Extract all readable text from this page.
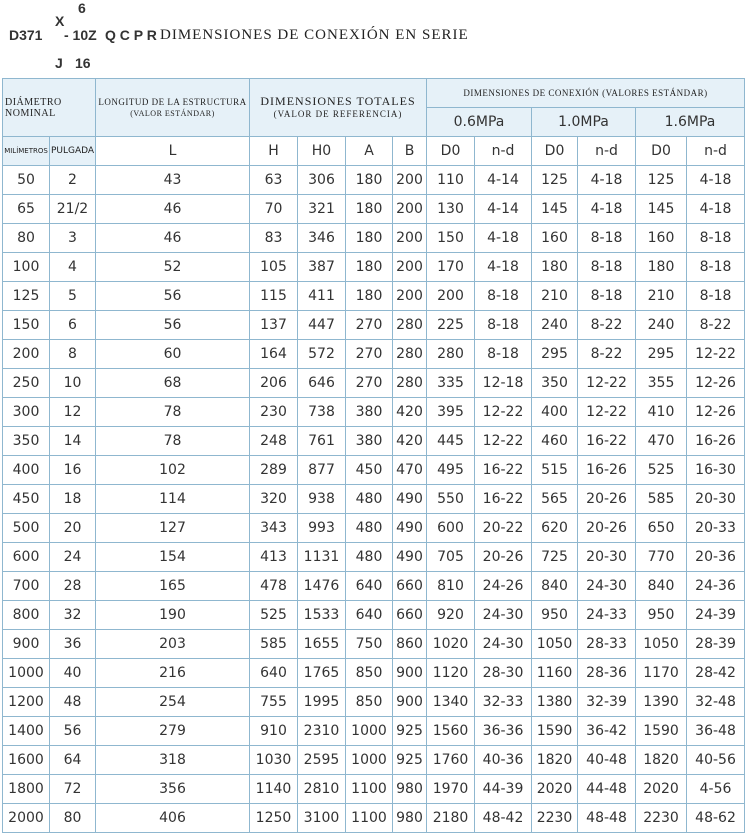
D371
X
J
6
- 10Z
16
Q C P R DIMENSIONES DE CONEXIÓN EN SERIE
DIÁMETRO NOMINAL		LONGITUD DE LA ESTRUCTURA
(VALOR ESTÁNDAR)	DIMENSIONES TOTALES
(VALOR DE REFERENCIA)				DIMENSIONES DE CONEXIÓN (VALORES ESTÁNDAR)					
							0.6MPa		1.0MPa		1.6MPa	
MILÍMETROS	PULGADA	L	H	H0	A	B	D0	n-d	D0	n-d	D0	n-d
50	2	43	63	306	180	200	110	4-14	125	4-18	125	4-18
65	21/2	46	70	321	180	200	130	4-14	145	4-18	145	4-18
80	3	46	83	346	180	200	150	4-18	160	8-18	160	8-18
100	4	52	105	387	180	200	170	4-18	180	8-18	180	8-18
125	5	56	115	411	180	200	200	8-18	210	8-18	210	8-18
150	6	56	137	447	270	280	225	8-18	240	8-22	240	8-22
200	8	60	164	572	270	280	280	8-18	295	8-22	295	12-22
250	10	68	206	646	270	280	335	12-18	350	12-22	355	12-26
300	12	78	230	738	380	420	395	12-22	400	12-22	410	12-26
350	14	78	248	761	380	420	445	12-22	460	16-22	470	16-26
400	16	102	289	877	450	470	495	16-22	515	16-26	525	16-30
450	18	114	320	938	480	490	550	16-22	565	20-26	585	20-30
500	20	127	343	993	480	490	600	20-22	620	20-26	650	20-33
600	24	154	413	1131	480	490	705	20-26	725	20-30	770	20-36
700	28	165	478	1476	640	660	810	24-26	840	24-30	840	24-36
800	32	190	525	1533	640	660	920	24-30	950	24-33	950	24-39
900	36	203	585	1655	750	860	1020	24-30	1050	28-33	1050	28-39
1000	40	216	640	1765	850	900	1120	28-30	1160	28-36	1170	28-42
1200	48	254	755	1995	850	900	1340	32-33	1380	32-39	1390	32-48
1400	56	279	910	2310	1000	925	1560	36-36	1590	36-42	1590	36-48
1600	64	318	1030	2595	1000	925	1760	40-36	1820	40-48	1820	40-56
1800	72	356	1140	2810	1100	980	1970	44-39	2020	44-48	2020	4-56
2000	80	406	1250	3100	1100	980	2180	48-42	2230	48-48	2230	48-62
